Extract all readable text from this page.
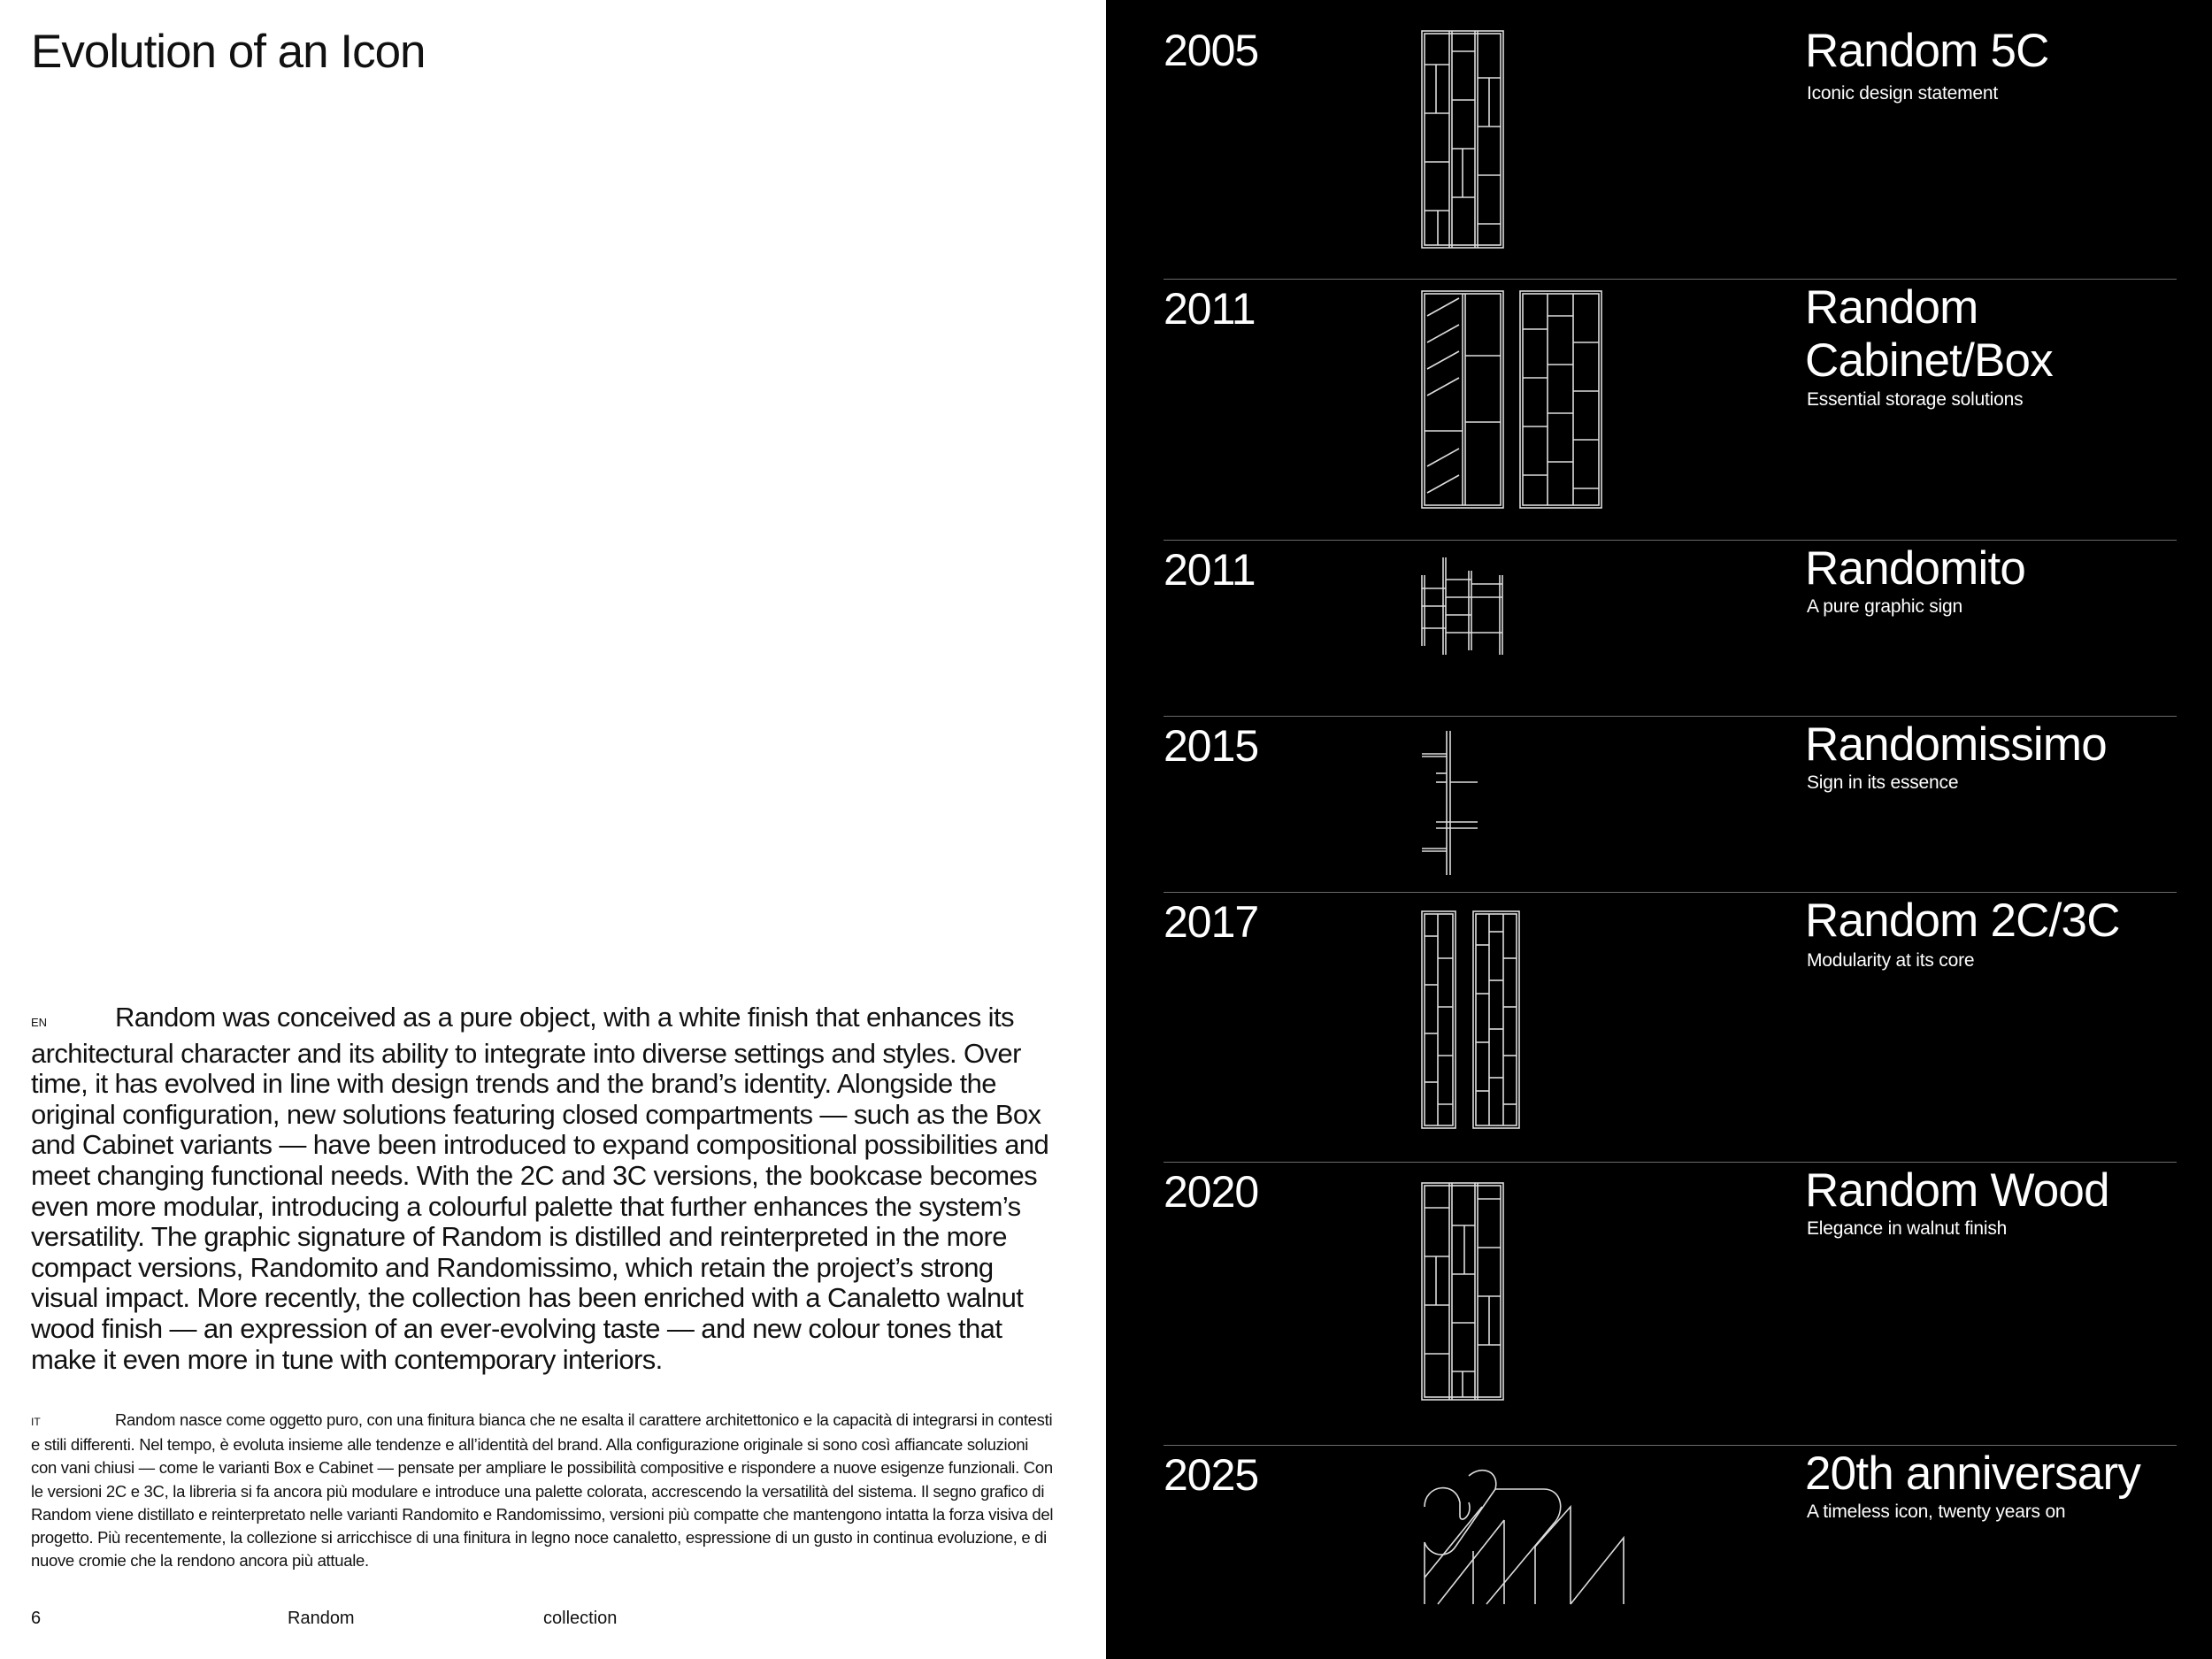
Evolution of an Icon

EN Random was conceived as a pure object, with a white finish that enhances its architectural character and its ability to integrate into diverse settings and styles. Over time, it has evolved in line with design trends and the brand’s identity. Alongside the original configuration, new solutions featuring closed compartments — such as the Box and Cabinet variants — have been introduced to expand compositional possibilities and meet changing functional needs. With the 2C and 3C versions, the bookcase becomes even more modular, introducing a colourful palette that further enhances the system’s versatility. The graphic signature of Random is distilled and reinterpreted in the more compact versions, Randomito and Randomissimo, which retain the project’s strong visual impact. More recently, the collection has been enriched with a Canaletto walnut wood finish — an expression of an ever-evolving taste — and new colour tones that make it even more in tune with contemporary interiors.

IT	Random nasce come oggetto puro, con una finitura bianca che ne esalta il carattere architettonico e la capacità di integrarsi in contesti e stili differenti. Nel tempo, è evoluta insieme alle tendenze e all’identità del brand. Alla configurazione originale si sono così affiancate soluzioni con vani chiusi — come le varianti Box e Cabinet — pensate per ampliare le possibilità compositive e rispondere a nuove esigenze funzionali. Con le versioni 2C e 3C, la libreria si fa ancora più modulare e introduce una palette colorata, accrescendo la versatilità del sistema. Il segno grafico di Random viene distillato e reinterpretato nelle varianti Randomito e Randomissimo, versioni più compatte che mantengono intatta la forza visiva del progetto. Più recentemente, la collezione si arricchisce di una finitura in legno noce canaletto, espressione di un gusto in continua evoluzione, e di nuove cromie che la rendono ancora più attuale.

6	Random	collection
2005	Random 5C
Iconic design statement
2011	Random Cabinet/Box
Essential storage solutions
2011	Randomito
A pure graphic sign
2015	Randomissimo
Sign in its essence
2017	Random 2C/3C
Modularity at its core
2020	Random Wood
Elegance in walnut finish
2025	20th anniversary
A timeless icon, twenty years on
